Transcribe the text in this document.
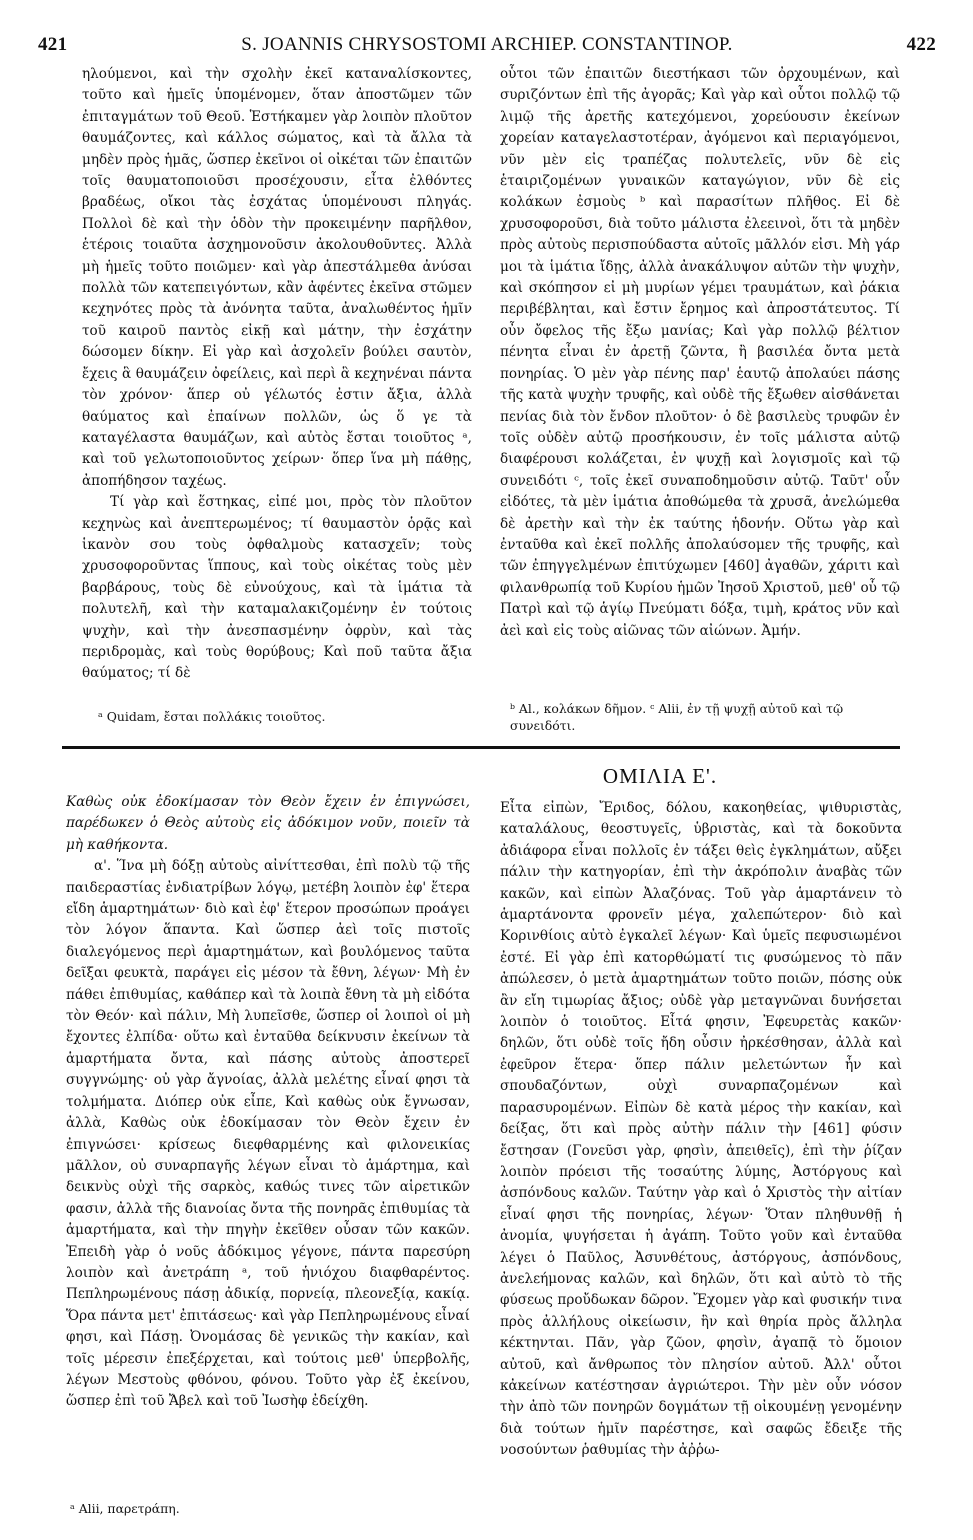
421	S. JOANNIS CHRYSOSTOMI ARCHIEP. CONSTANTINOP.	422

ηλούμενοι, καὶ τὴν σχολὴν ἐκεῖ καταναλίσκοντες, τοῦτο καὶ ἡμεῖς ὑπομένομεν, ὅταν ἀποστῶμεν τῶν ἐπιταγμάτων τοῦ Θεοῦ. Ἑστήκαμεν γὰρ λοιπὸν πλοῦτον θαυμάζοντες, καὶ κάλλος σώματος, καὶ τὰ ἄλλα τὰ μηδὲν πρὸς ἡμᾶς, ὥσπερ ἐκεῖνοι οἱ οἰκέται τῶν ἐπαιτῶν τοῖς θαυματοποιοῦσι προσέχουσιν, εἶτα ἐλθόντες βραδέως, οἴκοι τὰς ἐσχάτας ὑπομένουσι πληγάς. Πολλοὶ δὲ καὶ τὴν ὁδὸν τὴν προκειμένην παρῆλθον, ἑτέροις τοιαῦτα ἀσχημονοῦσιν ἀκολουθοῦντες. Ἀλλὰ μὴ ἡμεῖς τοῦτο ποιῶμεν· καὶ γὰρ ἀπεστάλμεθα ἀνύσαι πολλὰ τῶν κατεπειγόντων, κἂν ἀφέντες ἐκεῖνα στῶμεν κεχηνότες πρὸς τὰ ἀνόνητα ταῦτα, ἀναλωθέντος ἡμῖν τοῦ καιροῦ παντὸς εἰκῇ καὶ μάτην, τὴν ἐσχάτην δώσομεν δίκην. Εἰ γὰρ καὶ ἀσχολεῖν βούλει σαυτὸν, ἔχεις ἃ θαυμάζειν ὀφείλεις, καὶ περὶ ἃ κεχηνέναι πάντα τὸν χρόνον· ἅπερ οὐ γέλωτός ἐστιν ἄξια, ἀλλὰ θαύματος καὶ ἐπαίνων πολλῶν, ὡς ὅ γε τὰ καταγέλαστα θαυμάζων, καὶ αὐτὸς ἔσται τοιοῦτος ᵃ, καὶ τοῦ γελωτοποιοῦντος χείρων· ὅπερ ἵνα μὴ πάθῃς, ἀποπήδησον ταχέως.

Τί γὰρ καὶ ἕστηκας, εἰπέ μοι, πρὸς τὸν πλοῦτον κεχηνὼς καὶ ἀνεπτερωμένος; τί θαυμαστὸν ὁρᾷς καὶ ἱκανὸν σου τοὺς ὀφθαλμοὺς κατασχεῖν; τοὺς χρυσοφοροῦντας ἵππους, καὶ τοὺς οἰκέτας τοὺς μὲν βαρβάρους, τοὺς δὲ εὐνούχους, καὶ τὰ ἱμάτια τὰ πολυτελῆ, καὶ τὴν καταμαλακιζομένην ἐν τούτοις ψυχὴν, καὶ τὴν ἀνεσπασμένην ὀφρὺν, καὶ τὰς περιδρομὰς, καὶ τοὺς θορύβους; Καὶ ποῦ ταῦτα ἄξια θαύματος; τί δὲ

οὗτοι τῶν ἐπαιτῶν διεστήκασι τῶν ὀρχουμένων, καὶ συριζόντων ἐπὶ τῆς ἀγορᾶς; Καὶ γὰρ καὶ οὗτοι πολλῷ τῷ λιμῷ τῆς ἀρετῆς κατεχόμενοι, χορεύουσιν ἐκείνων χορείαν καταγελαστοτέραν, ἀγόμενοι καὶ περιαγόμενοι, νῦν μὲν εἰς τραπέζας πολυτελεῖς, νῦν δὲ εἰς ἑταιριζομένων γυναικῶν καταγώγιον, νῦν δὲ εἰς κολάκων ἐσμοὺς ᵇ καὶ παρασίτων πλῆθος. Εἰ δὲ χρυσοφοροῦσι, διὰ τοῦτο μάλιστα ἐλεεινοὶ, ὅτι τὰ μηδὲν πρὸς αὐτοὺς περισπούδαστα αὐτοῖς μᾶλλόν εἰσι. Μὴ γάρ μοι τὰ ἱμάτια ἴδῃς, ἀλλὰ ἀνακάλυψον αὐτῶν τὴν ψυχὴν, καὶ σκόπησον εἰ μὴ μυρίων γέμει τραυμάτων, καὶ ῥάκια περιβέβληται, καὶ ἔστιν ἔρημος καὶ ἀπροστάτευτος. Τί οὖν ὄφελος τῆς ἔξω μανίας; Καὶ γὰρ πολλῷ βέλτιον πένητα εἶναι ἐν ἀρετῇ ζῶντα, ἢ βασιλέα ὄντα μετὰ πονηρίας. Ὁ μὲν γὰρ πένης παρ' ἑαυτῷ ἀπολαύει πάσης τῆς κατὰ ψυχὴν τρυφῆς, καὶ οὐδὲ τῆς ἔξωθεν αἰσθάνεται πενίας διὰ τὸν ἔνδον πλοῦτον· ὁ δὲ βασιλεὺς τρυφῶν ἐν τοῖς οὐδὲν αὐτῷ προσήκουσιν, ἐν τοῖς μάλιστα αὐτῷ διαφέρουσι κολάζεται, ἐν ψυχῇ καὶ λογισμοῖς καὶ τῷ συνειδότι ᶜ, τοῖς ἐκεῖ συναποδημοῦσιν αὐτῷ. Ταῦτ' οὖν εἰδότες, τὰ μὲν ἱμάτια ἀποθώμεθα τὰ χρυσᾶ, ἀνελώμεθα δὲ ἀρετὴν καὶ τὴν ἐκ ταύτης ἡδονήν. Οὕτω γὰρ καὶ ἐνταῦθα καὶ ἐκεῖ πολλῆς ἀπολαύσομεν τῆς τρυφῆς, καὶ τῶν ἐπηγγελμένων ἐπιτύχωμεν [460] ἀγαθῶν, χάριτι καὶ φιλανθρωπίᾳ τοῦ Κυρίου ἡμῶν Ἰησοῦ Χριστοῦ, μεθ' οὗ τῷ Πατρὶ καὶ τῷ ἁγίῳ Πνεύματι δόξα, τιμὴ, κράτος νῦν καὶ ἀεὶ καὶ εἰς τοὺς αἰῶνας τῶν αἰώνων. Ἀμήν.

ᵃ Quidam, ἔσται πολλάκις τοιοῦτος.
ᵇ Al., κολάκων δῆμον. ᶜ Alii, ἐν τῇ ψυχῇ αὐτοῦ καὶ τῷ συνειδότι.
ΟΜΙΛΙΑ Ε'.

Καθὼς οὐκ ἐδοκίμασαν τὸν Θεὸν ἔχειν ἐν ἐπιγνώσει, παρέδωκεν ὁ Θεὸς αὐτοὺς εἰς ἀδόκιμον νοῦν, ποιεῖν τὰ μὴ καθήκοντα.

α'. Ἵνα μὴ δόξῃ αὐτοὺς αἰνίττεσθαι, ἐπὶ πολὺ τῷ τῆς παιδεραστίας ἐνδιατρίβων λόγῳ, μετέβη λοιπὸν ἐφ' ἕτερα εἴδη ἁμαρτημάτων· διὸ καὶ ἐφ' ἕτερον προσώπων προάγει τὸν λόγον ἅπαντα. Καὶ ὥσπερ ἀεὶ τοῖς πιστοῖς διαλεγόμενος περὶ ἁμαρτημάτων, καὶ βουλόμενος ταῦτα δεῖξαι φευκτὰ, παράγει εἰς μέσον τὰ ἔθνη, λέγων· Μὴ ἐν πάθει ἐπιθυμίας, καθάπερ καὶ τὰ λοιπὰ ἔθνη τὰ μὴ εἰδότα τὸν Θεόν· καὶ πάλιν, Μὴ λυπεῖσθε, ὥσπερ οἱ λοιποὶ οἱ μὴ ἔχοντες ἐλπίδα· οὕτω καὶ ἐνταῦθα δείκνυσιν ἐκείνων τὰ ἁμαρτήματα ὄντα, καὶ πάσης αὐτοὺς ἀποστερεῖ συγγνώμης· οὐ γὰρ ἄγνοίας, ἀλλὰ μελέτης εἶναί φησι τὰ τολμήματα. Διόπερ οὐκ εἶπε, Καὶ καθὼς οὐκ ἔγνωσαν, ἀλλὰ, Καθὼς οὐκ ἐδοκίμασαν τὸν Θεὸν ἔχειν ἐν ἐπιγνώσει· κρίσεως διεφθαρμένης καὶ φιλονεικίας μᾶλλον, οὐ συναρπαγῆς λέγων εἶναι τὸ ἁμάρτημα, καὶ δεικνὺς οὐχὶ τῆς σαρκὸς, καθώς τινες τῶν αἱρετικῶν φασιν, ἀλλὰ τῆς διανοίας ὄντα τῆς πονηρᾶς ἐπιθυμίας τὰ ἁμαρτήματα, καὶ τὴν πηγὴν ἐκεῖθεν οὖσαν τῶν κακῶν. Ἐπειδὴ γὰρ ὁ νοῦς ἀδόκιμος γέγονε, πάντα παρεσύρη λοιπὸν καὶ ἀνετράπη ᵃ, τοῦ ἡνιόχου διαφθαρέντος. Πεπληρωμένους πάσῃ ἀδικίᾳ, πορνείᾳ, πλεονεξίᾳ, κακίᾳ. Ὅρα πάντα μετ' ἐπιτάσεως· καὶ γὰρ Πεπληρωμένους εἶναί φησι, καὶ Πάσῃ. Ὀνομάσας δὲ γενικῶς τὴν κακίαν, καὶ τοῖς μέρεσιν ἐπεξέρχεται, καὶ τούτοις μεθ' ὑπερβολῆς, λέγων Μεστοὺς φθόνου, φόνου. Τοῦτο γὰρ ἐξ ἐκείνου, ὥσπερ ἐπὶ τοῦ Ἄβελ καὶ τοῦ Ἰωσὴφ ἐδείχθη.

ᵃ Alii, παρετράπη.

Εἶτα εἰπὼν, Ἔριδος, δόλου, κακοηθείας, ψιθυριστὰς, καταλάλους, θεοστυγεῖς, ὑβριστὰς, καὶ τὰ δοκοῦντα ἀδιάφορα εἶναι πολλοῖς ἐν τάξει θεὶς ἐγκλημάτων, αὔξει πάλιν τὴν κατηγορίαν, ἐπὶ τὴν ἀκρόπολιν ἀναβὰς τῶν κακῶν, καὶ εἰπὼν Ἀλαζόνας. Τοῦ γὰρ ἁμαρτάνειν τὸ ἁμαρτάνοντα φρονεῖν μέγα, χαλεπώτερον· διὸ καὶ Κορινθίοις αὐτὸ ἐγκαλεῖ λέγων· Καὶ ὑμεῖς πεφυσιωμένοι ἐστέ. Εἰ γὰρ ἐπὶ κατορθώματί τις φυσώμενος τὸ πᾶν ἀπώλεσεν, ὁ μετὰ ἁμαρτημάτων τοῦτο ποιῶν, πόσης οὐκ ἂν εἴη τιμωρίας ἄξιος; οὐδὲ γὰρ μεταγνῶναι δυνήσεται λοιπὸν ὁ τοιοῦτος. Εἶτά φησιν, Ἐφευρετὰς κακῶν· δηλῶν, ὅτι οὐδὲ τοῖς ἤδη οὖσιν ἠρκέσθησαν, ἀλλὰ καὶ ἐφεῦρον ἕτερα· ὅπερ πάλιν μελετώντων ἦν καὶ σπουδαζόντων, οὐχὶ συναρπαζομένων καὶ παρασυρομένων. Εἰπὼν δὲ κατὰ μέρος τὴν κακίαν, καὶ δείξας, ὅτι καὶ πρὸς αὐτὴν πάλιν τὴν [461] φύσιν ἔστησαν (Γονεῦσι γὰρ, φησὶν, ἀπειθεῖς), ἐπὶ τὴν ῥίζαν λοιπὸν πρόεισι τῆς τοσαύτης λύμης, Ἀστόργους καὶ ἀσπόνδους καλῶν. Ταύτην γὰρ καὶ ὁ Χριστὸς τὴν αἰτίαν εἶναί φησι τῆς πονηρίας, λέγων· Ὅταν πληθυνθῇ ἡ ἀνομία, ψυγήσεται ἡ ἀγάπη. Τοῦτο γοῦν καὶ ἐνταῦθα λέγει ὁ Παῦλος, Ἀσυνθέτους, ἀστόργους, ἀσπόνδους, ἀνελεήμονας καλῶν, καὶ δηλῶν, ὅτι καὶ αὐτὸ τὸ τῆς φύσεως προὔδωκαν δῶρον. Ἔχομεν γὰρ καὶ φυσικήν τινα πρὸς ἀλλήλους οἰκείωσιν, ἣν καὶ θηρία πρὸς ἄλληλα κέκτηνται. Πᾶν, γὰρ ζῶον, φησὶν, ἀγαπᾷ τὸ ὅμοιον αὐτοῦ, καὶ ἄνθρωπος τὸν πλησίον αὐτοῦ. Ἀλλ' οὗτοι κἀκείνων κατέστησαν ἀγριώτεροι. Τὴν μὲν οὖν νόσον τὴν ἀπὸ τῶν πονηρῶν δογμάτων τῇ οἰκουμένῃ γενομένην διὰ τούτων ἡμῖν παρέστησε, καὶ σαφῶς ἔδειξε τῆς νοσούντων ῥαθυμίας τὴν ἀῤῥω-
